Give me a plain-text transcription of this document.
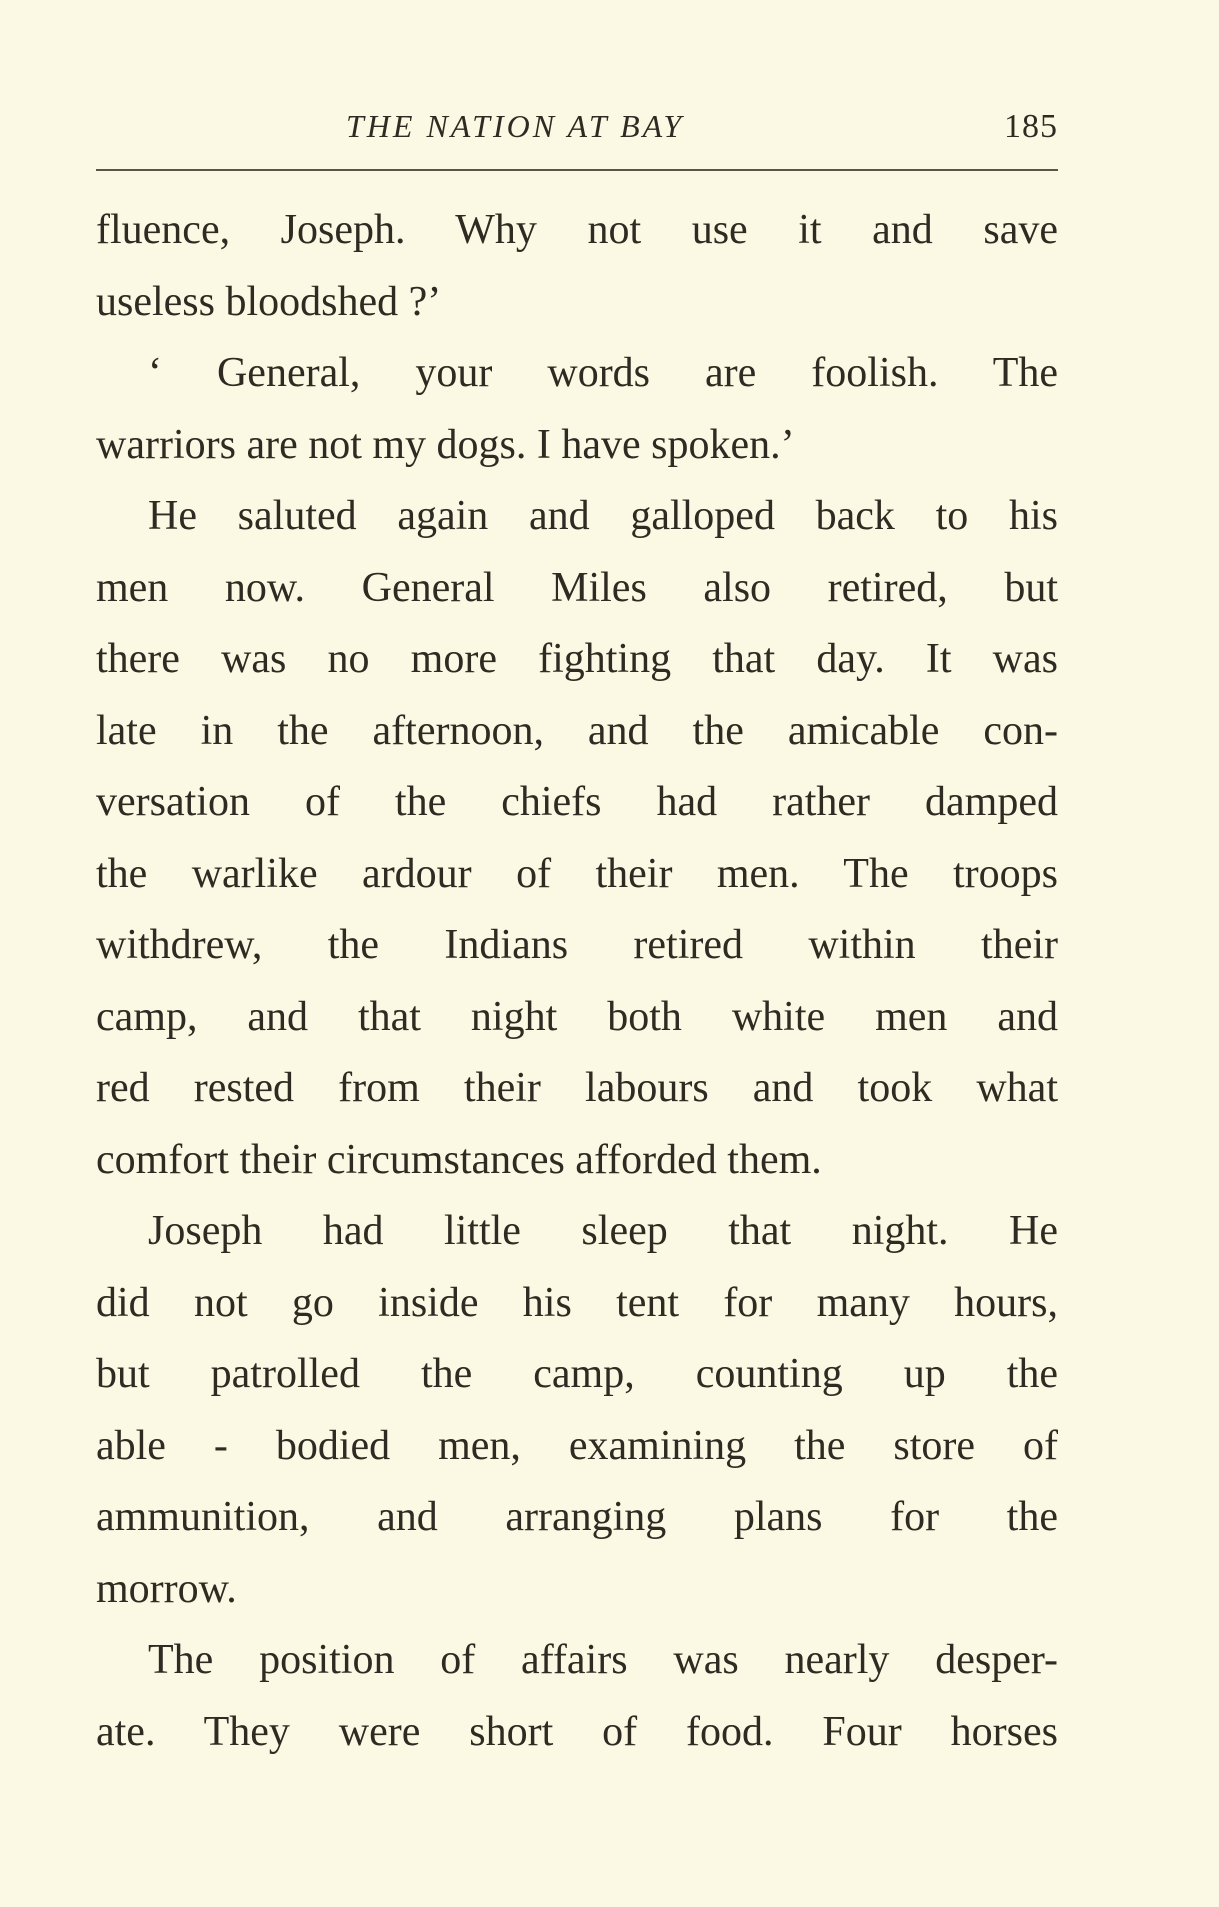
THE NATION AT BAY	185
fluence, Joseph. Why not use it and save
useless bloodshed ?’
‘ General, your words are foolish. The
warriors are not my dogs. I have spoken.’
He saluted again and galloped back to his
men now. General Miles also retired, but
there was no more fighting that day. It was
late in the afternoon, and the amicable con-
versation of the chiefs had rather damped
the warlike ardour of their men. The troops
withdrew, the Indians retired within their
camp, and that night both white men and
red rested from their labours and took what
comfort their circumstances afforded them.
Joseph had little sleep that night. He
did not go inside his tent for many hours,
but patrolled the camp, counting up the
able - bodied men, examining the store of
ammunition, and arranging plans for the
morrow.
The position of affairs was nearly desper-
ate. They were short of food. Four horses
